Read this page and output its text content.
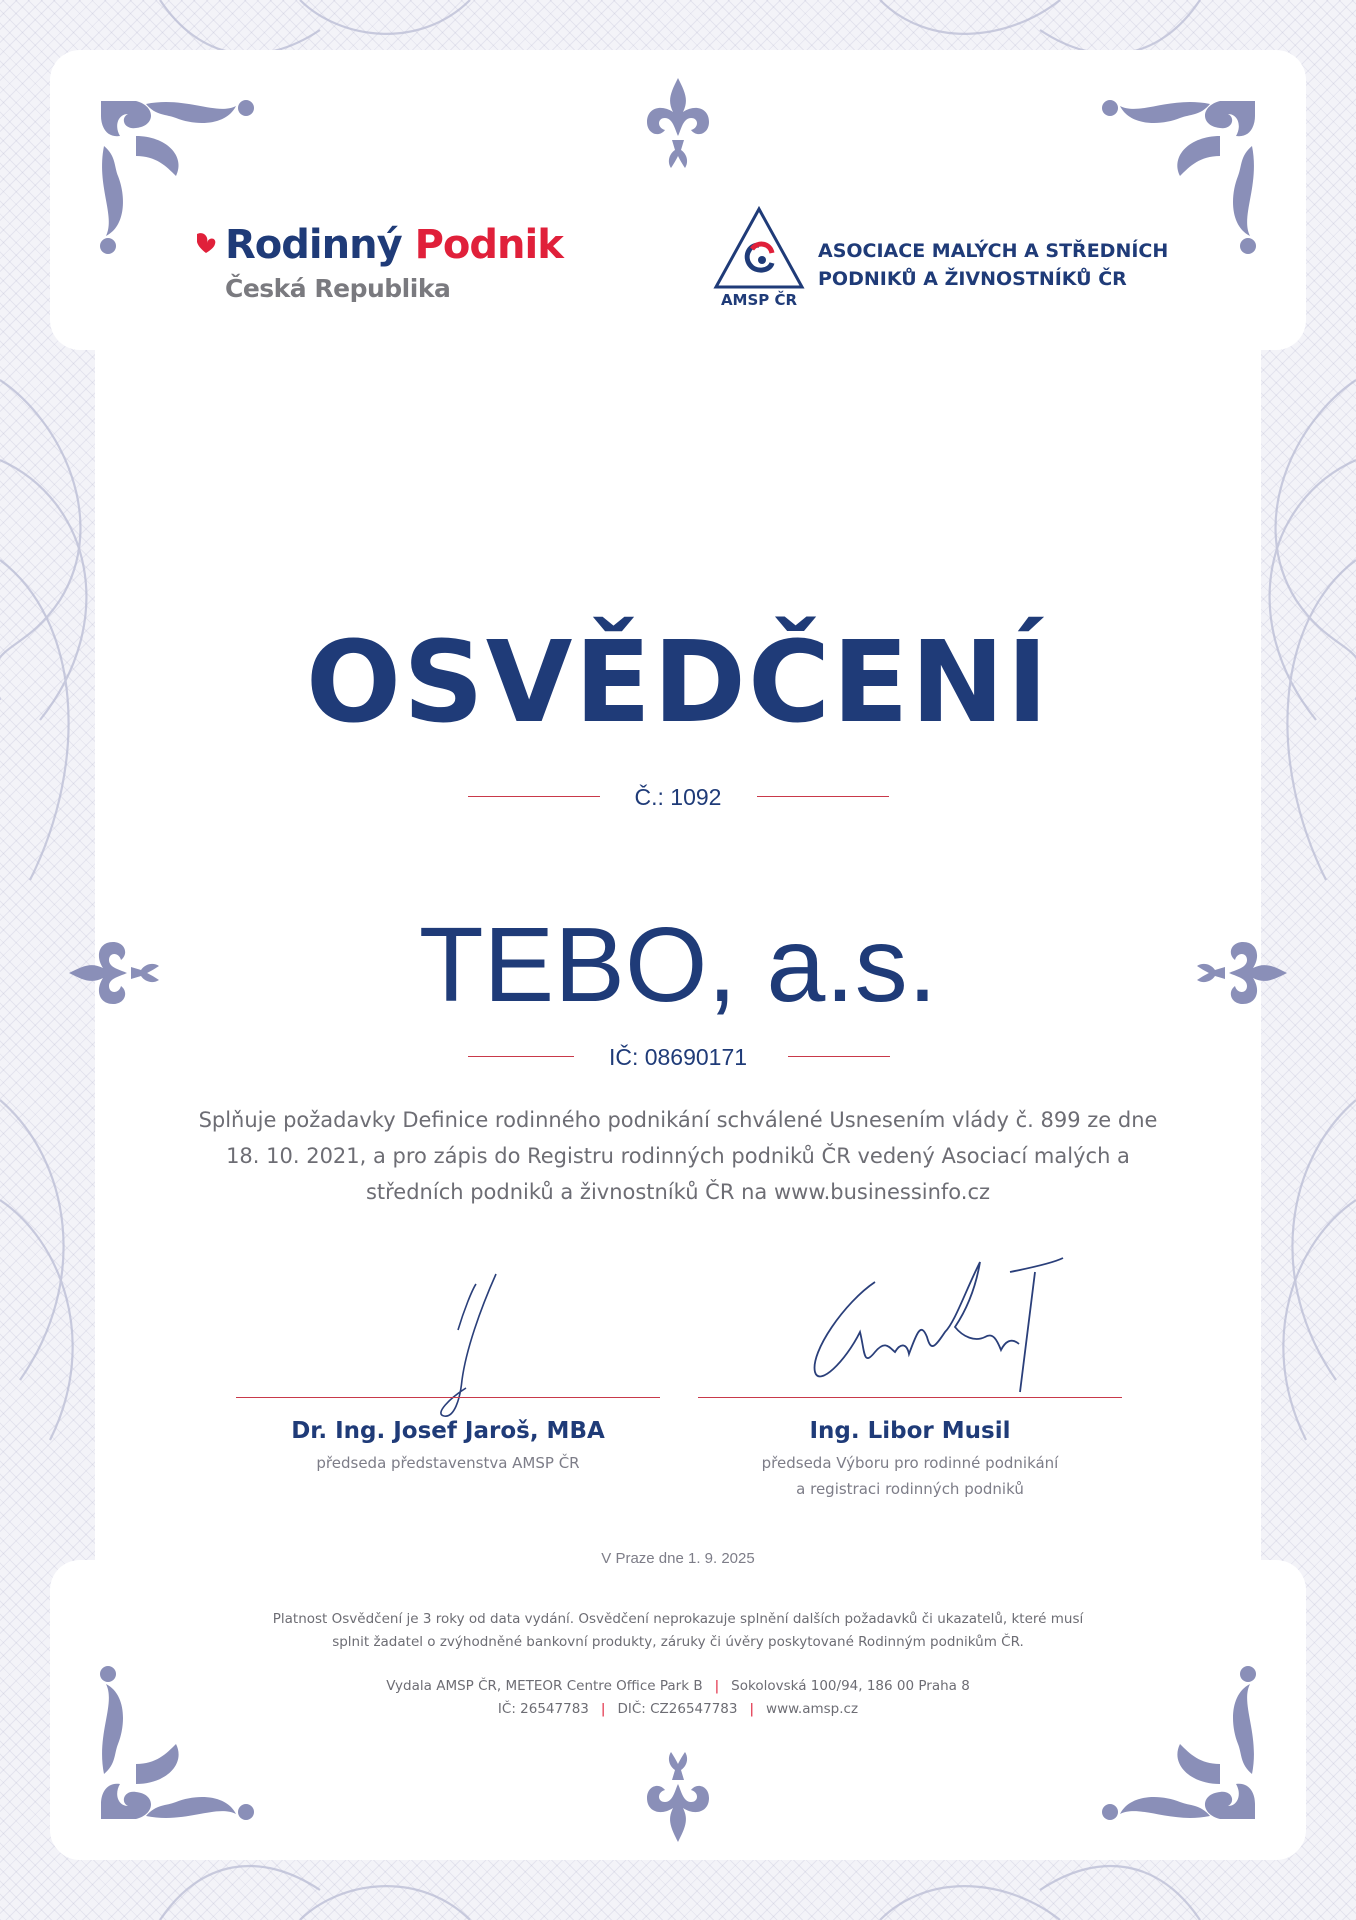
Rodinný Podnik
Česká Republika	AMSP ČR
ASOCIACE MALÝCH A STŘEDNÍCH
PODNIKŮ A ŽIVNOSTNÍKŮ ČR
OSVĚDČENÍ
Č.: 1092
TEBO, a.s.
IČ: 08690171
Splňuje požadavky Definice rodinného podnikání schválené Usnesením vlády č. 899 ze dne 18. 10. 2021, a pro zápis do Registru rodinných podniků ČR vedený Asociací malých a středních podniků a živnostníků ČR na www.businessinfo.cz
Dr. Ing. Josef Jaroš, MBA
předseda představenstva AMSP ČR
Ing. Libor Musil
předseda Výboru pro rodinné podnikání
a registraci rodinných podniků
V Praze dne 1. 9. 2025
Platnost Osvědčení je 3 roky od data vydání. Osvědčení neprokazuje splnění dalších požadavků či ukazatelů, které musí
splnit žadatel o zvýhodněné bankovní produkty, záruky či úvěry poskytované Rodinným podnikům ČR.
Vydala AMSP ČR, METEOR Centre Office Park B | Sokolovská 100/94, 186 00 Praha 8
IČ: 26547783 | DIČ: CZ26547783 | www.amsp.cz
